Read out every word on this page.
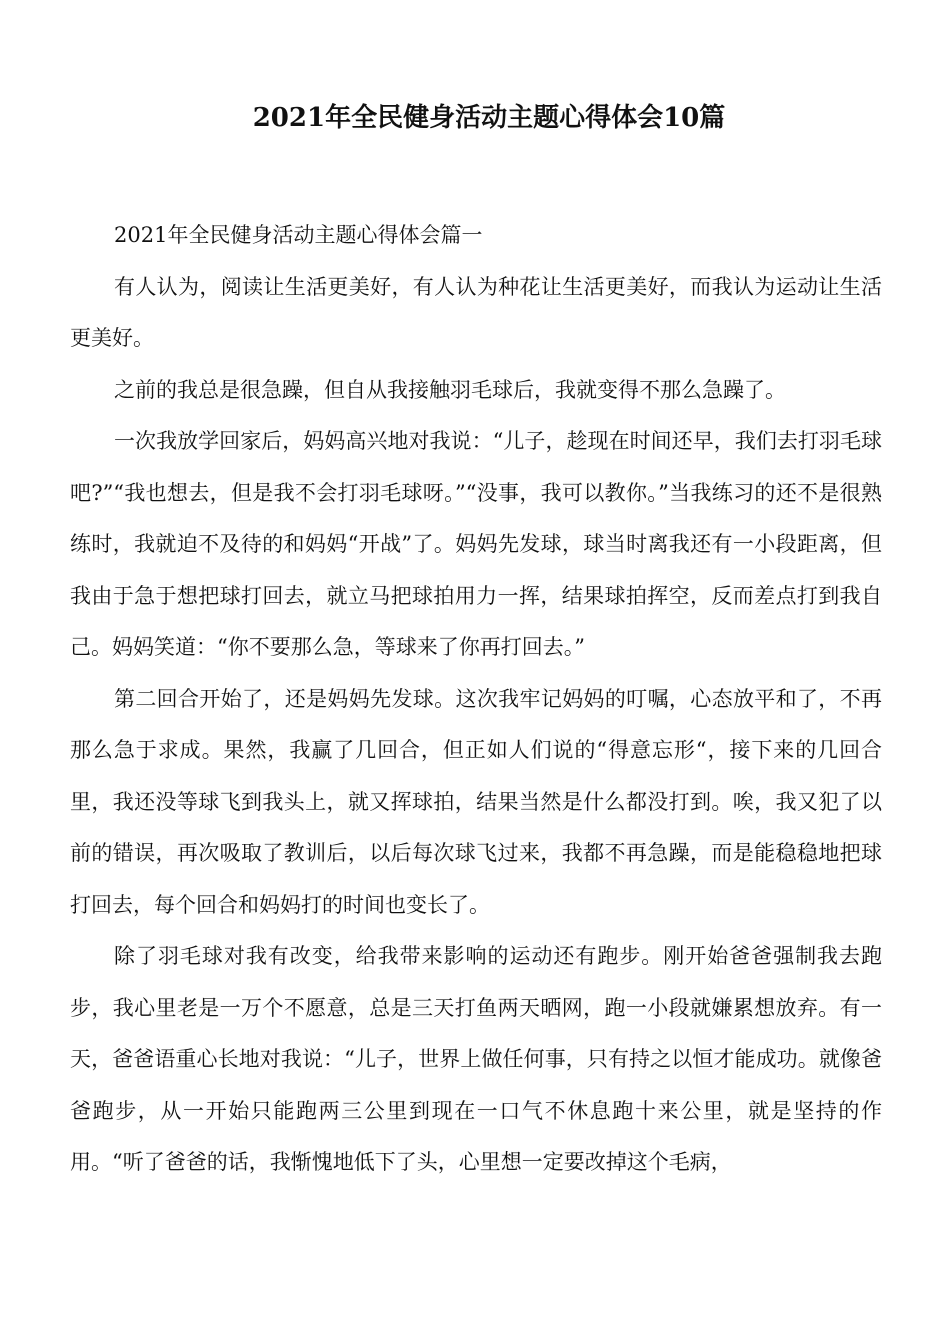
2021年全民健身活动主题心得体会10篇

2021年全民健身活动主题心得体会篇一

有人认为，阅读让生活更美好，有人认为种花让生活更美好，而我认为运动让生活更美好。

之前的我总是很急躁，但自从我接触羽毛球后，我就变得不那么急躁了。

一次我放学回家后，妈妈高兴地对我说：“儿子，趁现在时间还早，我们去打羽毛球吧?”“我也想去，但是我不会打羽毛球呀。”“没事，我可以教你。”当我练习的还不是很熟练时，我就迫不及待的和妈妈“开战”了。妈妈先发球，球当时离我还有一小段距离，但我由于急于想把球打回去，就立马把球拍用力一挥，结果球拍挥空，反而差点打到我自己。妈妈笑道：“你不要那么急，等球来了你再打回去。”

第二回合开始了，还是妈妈先发球。这次我牢记妈妈的叮嘱，心态放平和了，不再那么急于求成。果然，我赢了几回合，但正如人们说的“得意忘形“，接下来的几回合里，我还没等球飞到我头上，就又挥球拍，结果当然是什么都没打到。唉，我又犯了以前的错误，再次吸取了教训后，以后每次球飞过来，我都不再急躁，而是能稳稳地把球打回去，每个回合和妈妈打的时间也变长了。

除了羽毛球对我有改变，给我带来影响的运动还有跑步。刚开始爸爸强制我去跑步，我心里老是一万个不愿意，总是三天打鱼两天晒网，跑一小段就嫌累想放弃。有一天，爸爸语重心长地对我说：“儿子，世界上做任何事，只有持之以恒才能成功。就像爸爸跑步，从一开始只能跑两三公里到现在一口气不休息跑十来公里，就是坚持的作用。“听了爸爸的话，我惭愧地低下了头，心里想一定要改掉这个毛病，
